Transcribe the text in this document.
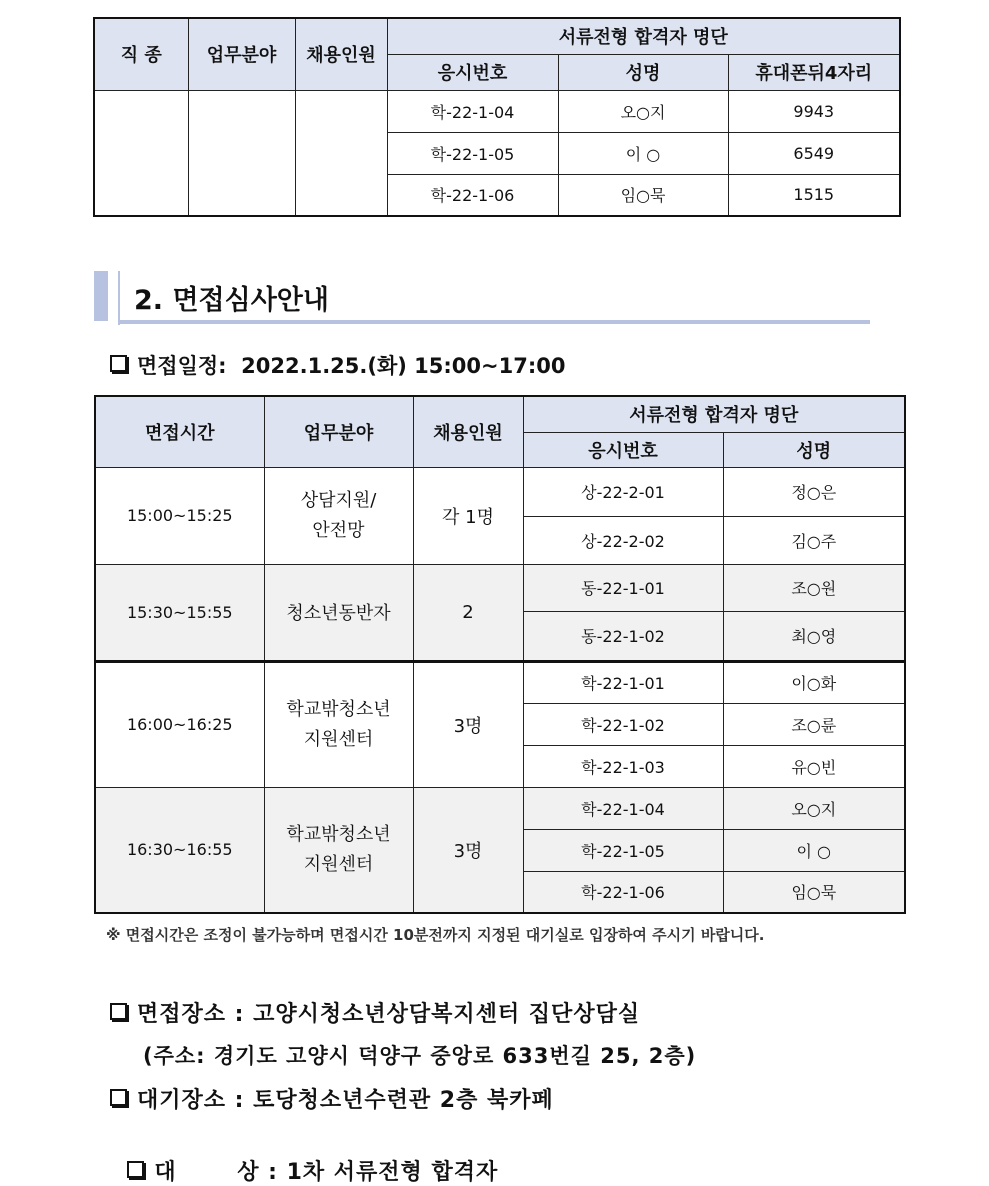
직 종	업무분야	채용인원	서류전형 합격자 명단		
			응시번호	성명	휴대폰뒤4자리
			학-22-1-04	오○지	9943
			학-22-1-05	이 ○	6549
			학-22-1-06	임○묵	1515
2. 면접심사안내
면접일정: 2022.1.25.(화) 15:00~17:00
면접시간	업무분야	채용인원	서류전형 합격자 명단	
			응시번호	성명
15:00~15:25	상담지원/
안전망	각 1명	상-22-2-01	정○은
			상-22-2-02	김○주
15:30~15:55	청소년동반자	2	동-22-1-01	조○원
			동-22-1-02	최○영
16:00~16:25	학교밖청소년
지원센터	3명	학-22-1-01	이○화
			학-22-1-02	조○륜
			학-22-1-03	유○빈
16:30~16:55	학교밖청소년
지원센터	3명	학-22-1-04	오○지
			학-22-1-05	이 ○
			학-22-1-06	임○묵
※ 면접시간은 조정이 불가능하며 면접시간 10분전까지 지정된 대기실로 입장하여 주시기 바랍니다.
면접장소 : 고양시청소년상담복지센터 집단상담실
(주소: 경기도 고양시 덕양구 중앙로 633번길 25, 2층)
대기장소 : 토당청소년수련관 2층 북카페

대       상 : 1차 서류전형 합격자
